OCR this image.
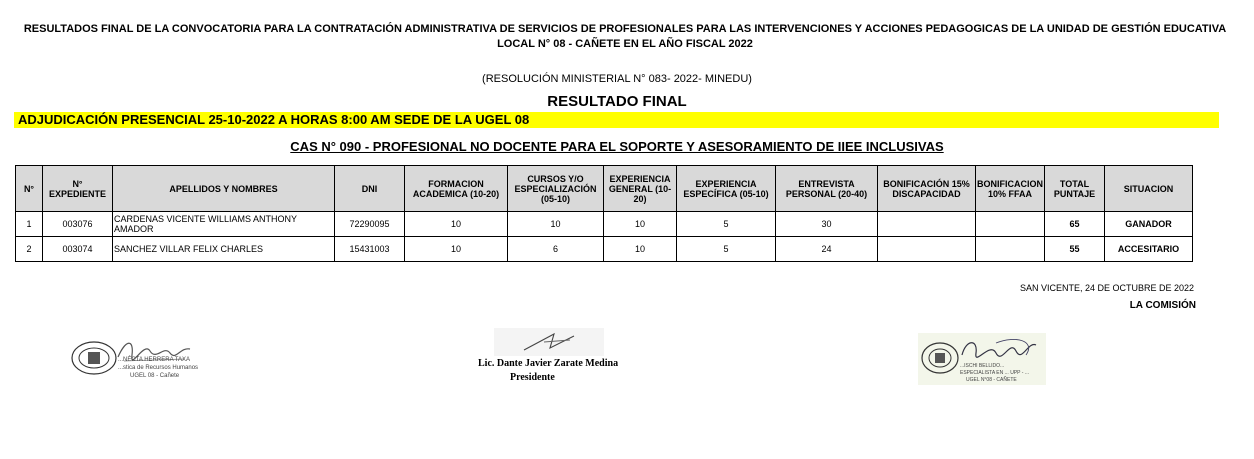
RESULTADOS FINAL DE LA CONVOCATORIA PARA LA CONTRATACIÓN ADMINISTRATIVA DE SERVICIOS DE PROFESIONALES PARA LAS INTERVENCIONES Y ACCIONES PEDAGOGICAS DE LA UNIDAD DE GESTIÓN EDUCATIVA LOCAL N° 08 - CAÑETE EN EL AÑO FISCAL 2022
(RESOLUCIÓN MINISTERIAL N° 083- 2022- MINEDU)
RESULTADO FINAL
ADJUDICACIÓN PRESENCIAL 25-10-2022 A HORAS 8:00 AM SEDE DE LA UGEL 08
CAS N° 090 - PROFESIONAL NO DOCENTE PARA EL SOPORTE Y ASESORAMIENTO DE IIEE INCLUSIVAS
N°	N° EXPEDIENTE	APELLIDOS Y NOMBRES	DNI	FORMACION ACADEMICA (10-20)	CURSOS Y/O ESPECIALIZACIÓN (05-10)	EXPERIENCIA GENERAL (10-20)	EXPERIENCIA ESPECÍFICA (05-10)	ENTREVISTA PERSONAL (20-40)	BONIFICACIÓN 15% DISCAPACIDAD	BONIFICACION 10% FFAA	TOTAL PUNTAJE	SITUACION
1	003076	CARDENAS VICENTE WILLIAMS ANTHONY AMADOR	72290095	10	10	10	5	30			65	GANADOR
2	003074	SANCHEZ VILLAR FELIX CHARLES	15431003	10	6	10	5	24			55	ACCESITARIO
SAN VICENTE, 24 DE OCTUBRE DE 2022
LA COMISIÓN
...NÉCTA HERRERA TAXA
...stica de Recursos Humanos
UGEL 08 - Cañete
Lic. Dante Javier Zarate Medina
Presidente
...ISCHI BELLIDO...
ESPECIALISTA EN ... UPP - ...
UGEL N°08 - CAÑETE
